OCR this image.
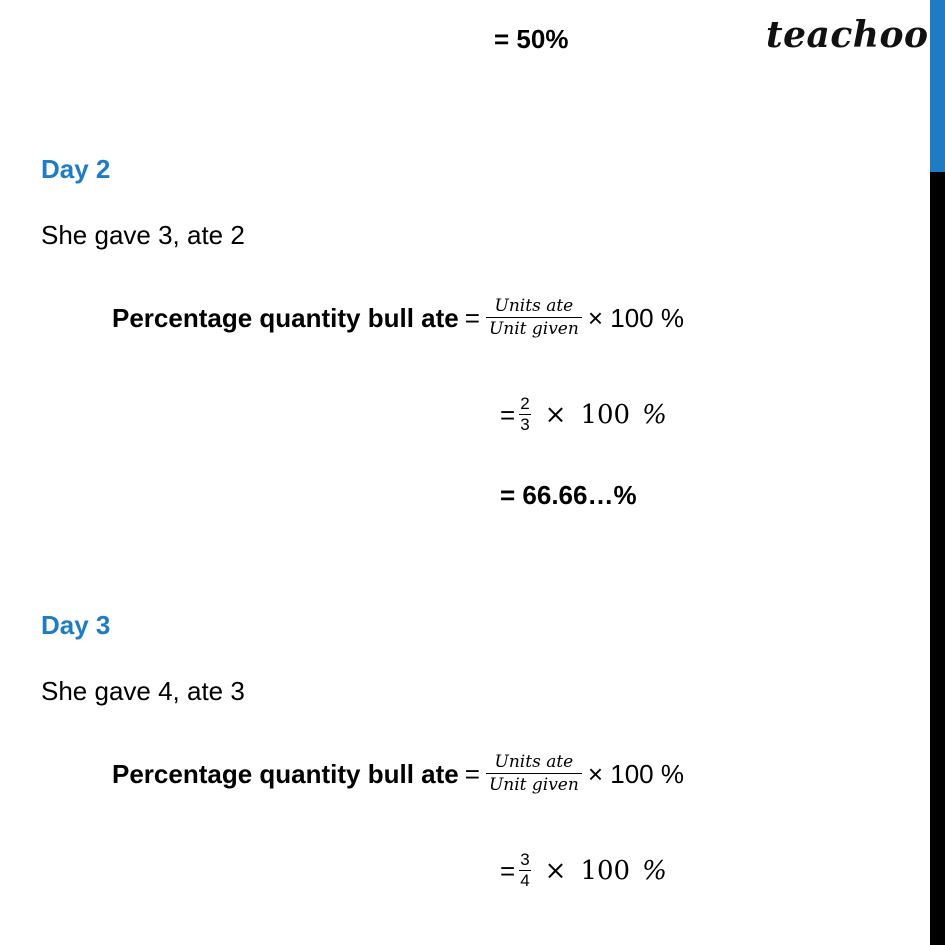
teachoo
= 50%
Day 2
She gave 3, ate 2
Percentage quantity bull ate = $\frac{\text{Units ate}}{\text{Unit given}} \times 100$ %
= $\frac{2}{3} \times 100$ %
= 66.66…%
Day 3
She gave 4, ate 3
Percentage quantity bull ate = $\frac{\text{Units ate}}{\text{Unit given}} \times 100$ %
= $\frac{3}{4} \times 100$ %
